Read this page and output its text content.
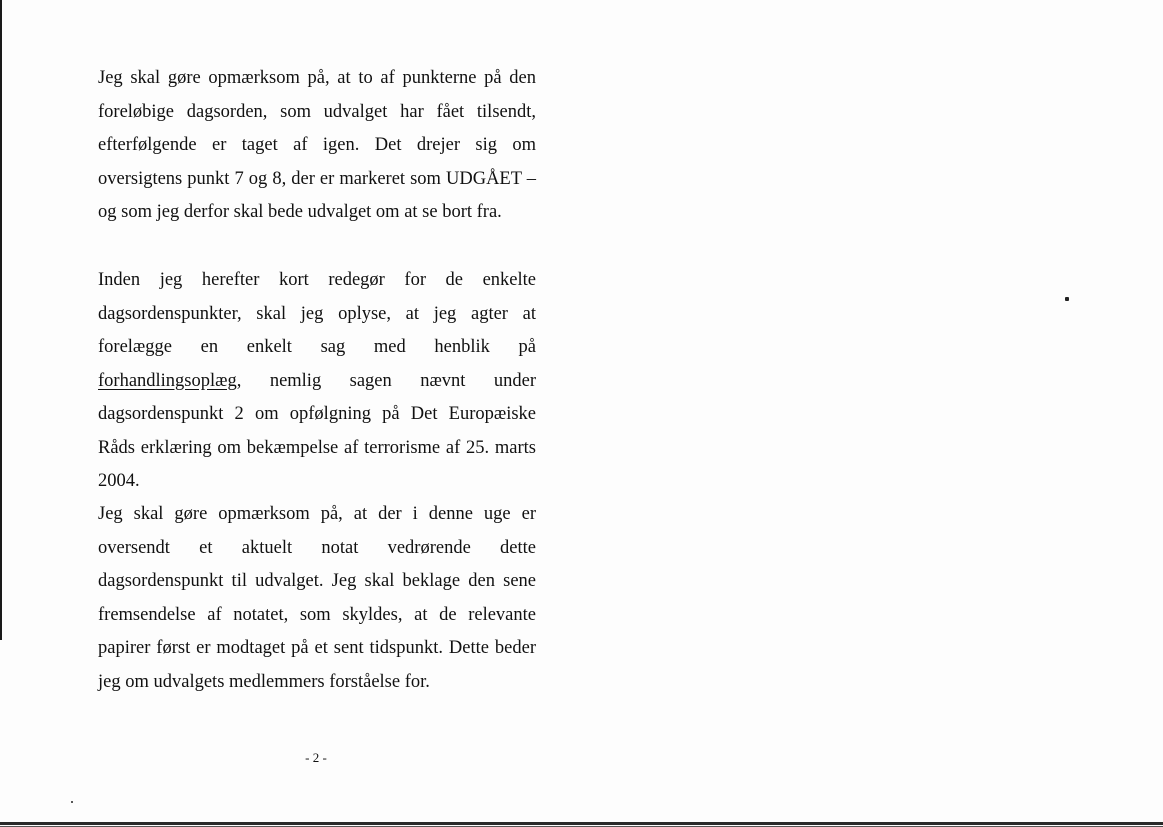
Jeg skal gøre opmærksom på, at to af punkterne på den foreløbige dagsorden, som udvalget har fået tilsendt, efterfølgende er taget af igen. Det drejer sig om oversigtens punkt 7 og 8, der er markeret som UDGÅET – og som jeg derfor skal bede udvalget om at se bort fra.

Inden jeg herefter kort redegør for de enkelte dagsordenspunkter, skal jeg oplyse, at jeg agter at forelægge en enkelt sag med henblik på forhandlingsoplæg, nemlig sagen nævnt under dagsordenspunkt 2 om opfølgning på Det Europæiske Råds erklæring om bekæmpelse af terrorisme af 25. marts 2004.

Jeg skal gøre opmærksom på, at der i denne uge er oversendt et aktuelt notat vedrørende dette dagsordenspunkt til udvalget. Jeg skal beklage den sene fremsendelse af notatet, som skyldes, at de relevante papirer først er modtaget på et sent tidspunkt. Dette beder jeg om udvalgets medlemmers forståelse for.

- 2 -
